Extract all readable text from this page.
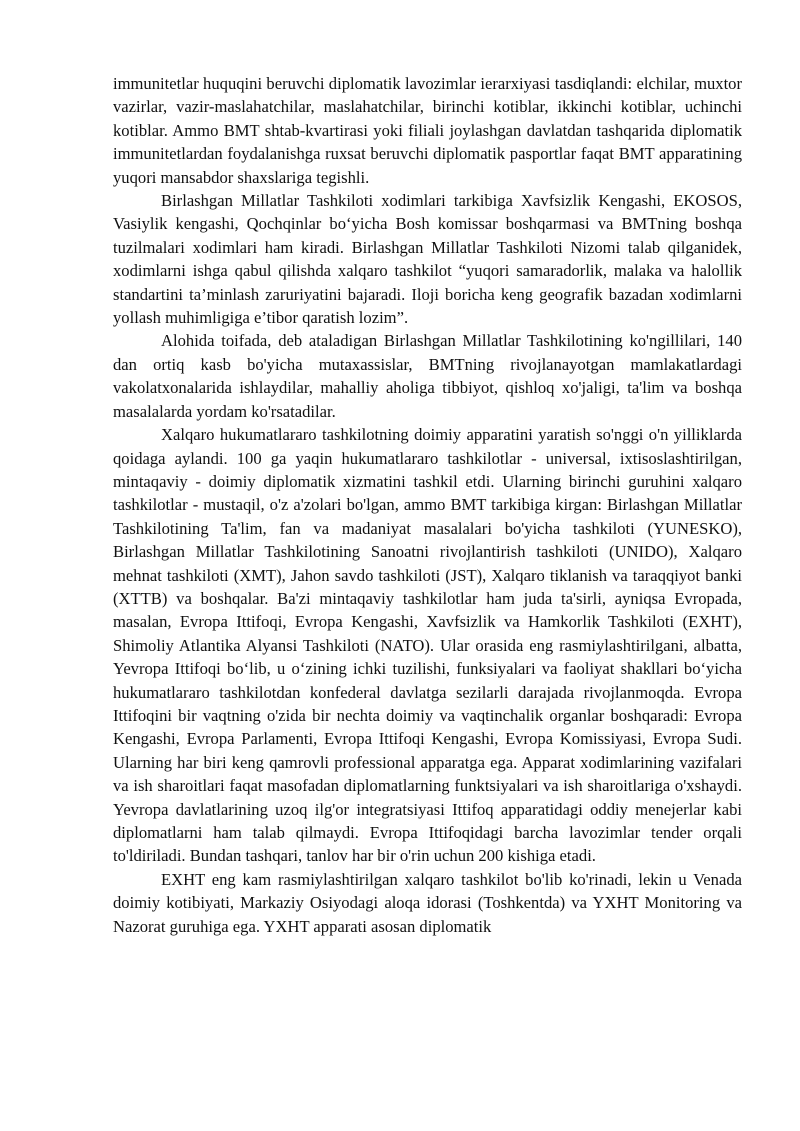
immunitetlar huquqini beruvchi diplomatik lavozimlar ierarxiyasi tasdiqlandi: elchilar, muxtor vazirlar, vazir-maslahatchilar, maslahatchilar, birinchi kotiblar, ikkinchi kotiblar, uchinchi kotiblar. Ammo BMT shtab-kvartirasi yoki filiali joylashgan davlatdan tashqarida diplomatik immunitetlardan foydalanishga ruxsat beruvchi diplomatik pasportlar faqat BMT apparatining yuqori mansabdor shaxslariga tegishli.

Birlashgan Millatlar Tashkiloti xodimlari tarkibiga Xavfsizlik Kengashi, EKOSOS, Vasiylik kengashi, Qochqinlar bo‘yicha Bosh komissar boshqarmasi va BMTning boshqa tuzilmalari xodimlari ham kiradi. Birlashgan Millatlar Tashkiloti Nizomi talab qilganidek, xodimlarni ishga qabul qilishda xalqaro tashkilot “yuqori samaradorlik, malaka va halollik standartini ta’minlash zaruriyatini bajaradi. Iloji boricha keng geografik bazadan xodimlarni yollash muhimligiga e’tibor qaratish lozim”.

Alohida toifada, deb ataladigan Birlashgan Millatlar Tashkilotining ko'ngillilari, 140 dan ortiq kasb bo'yicha mutaxassislar, BMTning rivojlanayotgan mamlakatlardagi vakolatxonalarida ishlaydilar, mahalliy aholiga tibbiyot, qishloq xo'jaligi, ta'lim va boshqa masalalarda yordam ko'rsatadilar.

Xalqaro hukumatlararo tashkilotning doimiy apparatini yaratish so'nggi o'n yilliklarda qoidaga aylandi. 100 ga yaqin hukumatlararo tashkilotlar - universal, ixtisoslashtirilgan, mintaqaviy - doimiy diplomatik xizmatini tashkil etdi. Ularning birinchi guruhini xalqaro tashkilotlar - mustaqil, o'z a'zolari bo'lgan, ammo BMT tarkibiga kirgan: Birlashgan Millatlar Tashkilotining Ta'lim, fan va madaniyat masalalari bo'yicha tashkiloti (YUNESKO), Birlashgan Millatlar Tashkilotining Sanoatni rivojlantirish tashkiloti (UNIDO), Xalqaro mehnat tashkiloti (XMT), Jahon savdo tashkiloti (JST), Xalqaro tiklanish va taraqqiyot banki (XTTB) va boshqalar. Ba'zi mintaqaviy tashkilotlar ham juda ta'sirli, ayniqsa Evropada, masalan, Evropa Ittifoqi, Evropa Kengashi, Xavfsizlik va Hamkorlik Tashkiloti (EXHT), Shimoliy Atlantika Alyansi Tashkiloti (NATO). Ular orasida eng rasmiylashtirilgani, albatta, Yevropa Ittifoqi bo‘lib, u o‘zining ichki tuzilishi, funksiyalari va faoliyat shakllari bo‘yicha hukumatlararo tashkilotdan konfederal davlatga sezilarli darajada rivojlanmoqda. Evropa Ittifoqini bir vaqtning o'zida bir nechta doimiy va vaqtinchalik organlar boshqaradi: Evropa Kengashi, Evropa Parlamenti, Evropa Ittifoqi Kengashi, Evropa Komissiyasi, Evropa Sudi. Ularning har biri keng qamrovli professional apparatga ega. Apparat xodimlarining vazifalari va ish sharoitlari faqat masofadan diplomatlarning funktsiyalari va ish sharoitlariga o'xshaydi. Yevropa davlatlarining uzoq ilg'or integratsiyasi Ittifoq apparatidagi oddiy menejerlar kabi diplomatlarni ham talab qilmaydi. Evropa Ittifoqidagi barcha lavozimlar tender orqali to'ldiriladi. Bundan tashqari, tanlov har bir o'rin uchun 200 kishiga etadi.

EXHT eng kam rasmiylashtirilgan xalqaro tashkilot bo'lib ko'rinadi, lekin u Venada doimiy kotibiyati, Markaziy Osiyodagi aloqa idorasi (Toshkentda) va YXHT Monitoring va Nazorat guruhiga ega. YXHT apparati asosan diplomatik
